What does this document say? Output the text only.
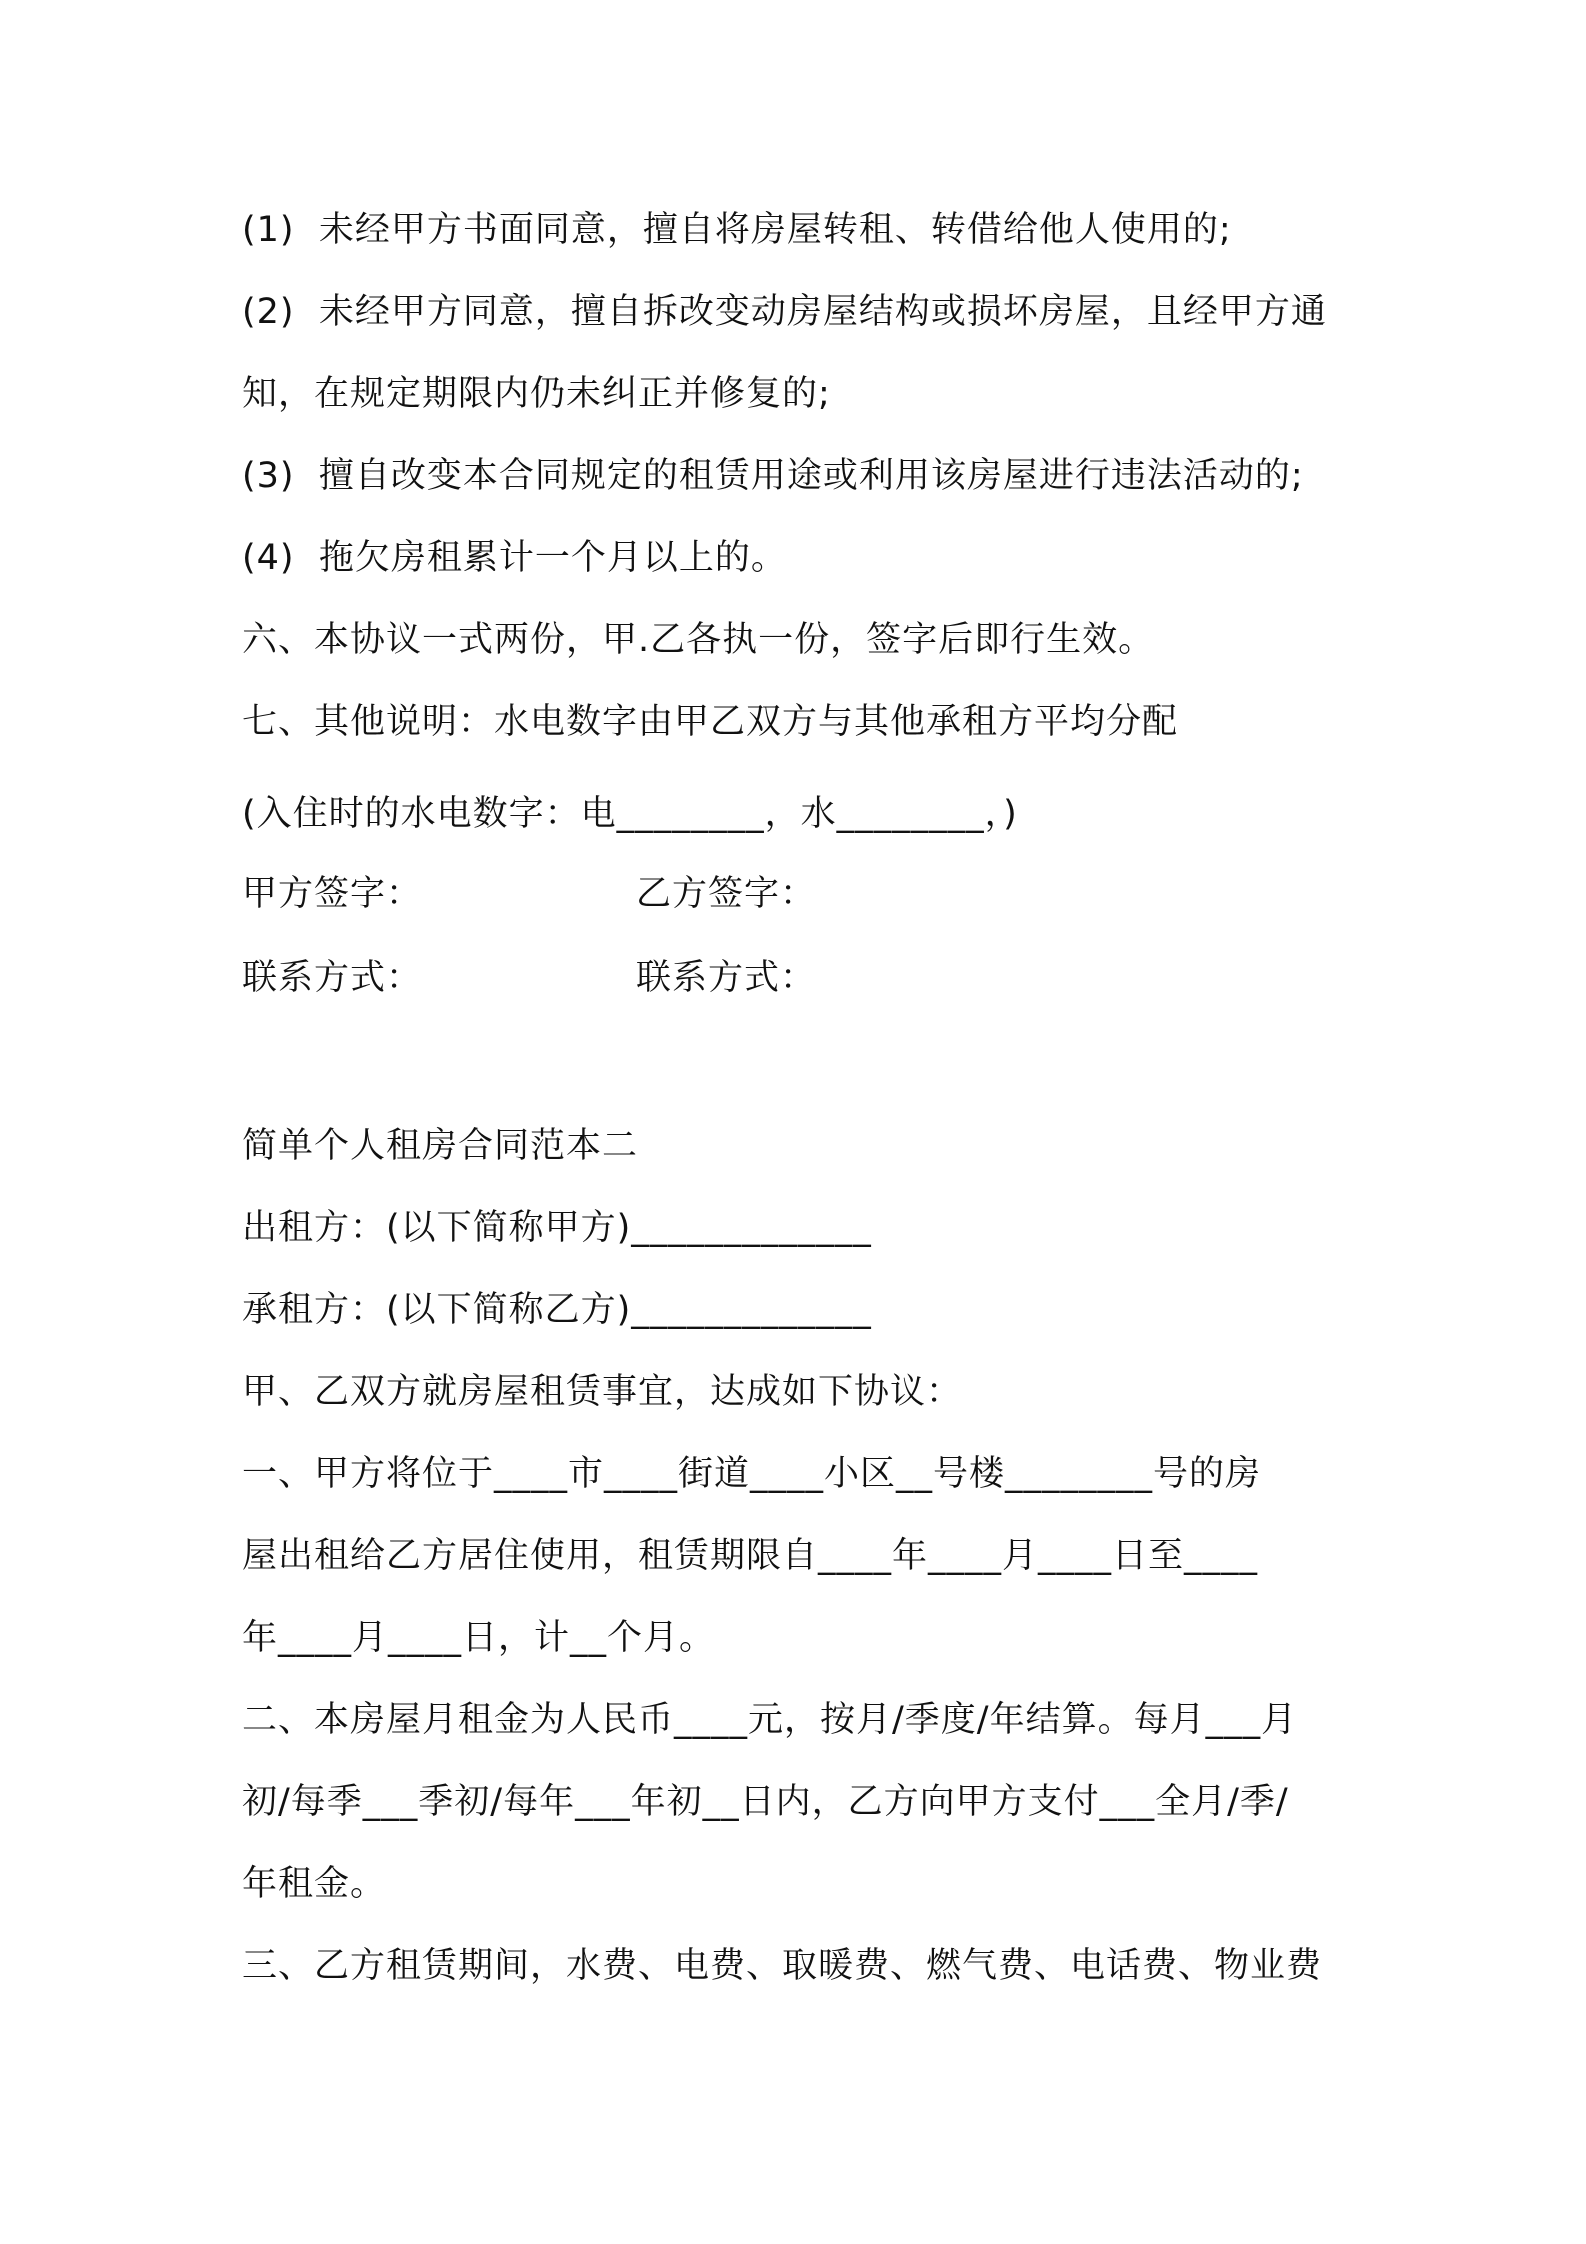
(1)  未经甲方书面同意，擅自将房屋转租、转借给他人使用的;
(2)  未经甲方同意，擅自拆改变动房屋结构或损坏房屋，且经甲方通
知，在规定期限内仍未纠正并修复的;
(3)  擅自改变本合同规定的租赁用途或利用该房屋进行违法活动的;
(4)  拖欠房租累计一个月以上的。
六、本协议一式两份，甲.乙各执一份，签字后即行生效。
七、其他说明：水电数字由甲乙双方与其他承租方平均分配
(入住时的水电数字：电________，水________，)
甲方签字：	乙方签字：
联系方式：	联系方式：
简单个人租房合同范本二
出租方：(以下简称甲方)_____________
承租方：(以下简称乙方)_____________
甲、乙双方就房屋租赁事宜，达成如下协议：
一、甲方将位于____市____街道____小区__号楼________号的房
屋出租给乙方居住使用，租赁期限自____年____月____日至____
年____月____日，计__个月。
二、本房屋月租金为人民币____元，按月/季度/年结算。每月___月
初/每季___季初/每年___年初__日内，乙方向甲方支付___全月/季/
年租金。
三、乙方租赁期间，水费、电费、取暖费、燃气费、电话费、物业费
